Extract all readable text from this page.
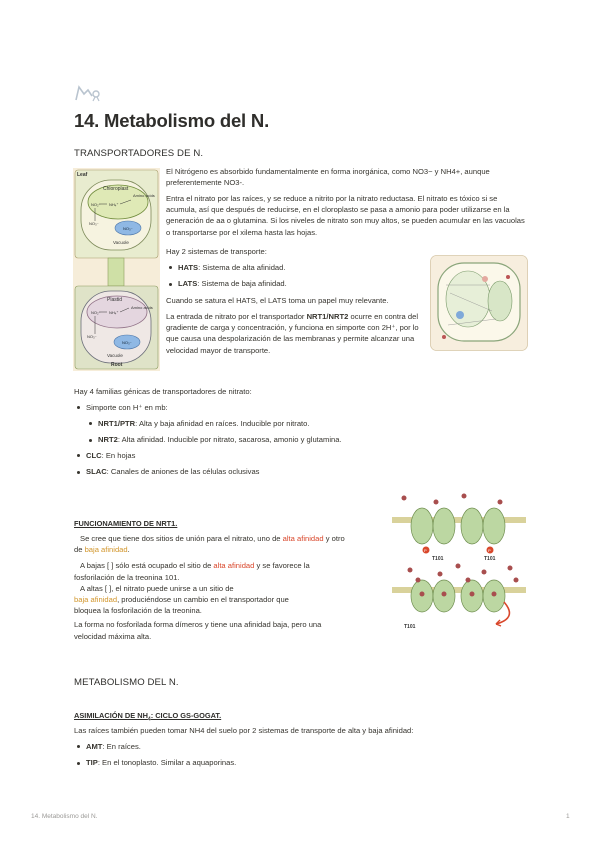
14. Metabolismo del N.
TRANSPORTADORES DE N.
Leaf
Chloroplast
Amino acids
NO₂⁻ NH₄⁺
NO₃⁻
NO₃⁻
Vacuole
Plastid
Amino acids
NO₂⁻ NH₄⁺
NO₃⁻
NO₃⁻
Vacuole
Root

El Nitrógeno es absorbido fundamentalmente en forma inorgánica, como NO3− y NH4+, aunque preferentemente NO3-.

Entra el nitrato por las raíces, y se reduce a nitrito por la nitrato reductasa. El nitrato es tóxico si se acumula, así que después de reducirse, en el cloroplasto se pasa a amonio para poder utilizarse en la generación de aa o glutamina. Si los niveles de nitrato son muy altos, se pueden acumular en las vacuolas o transportarse por el xilema hasta las hojas.

Hay 2 sistemas de transporte:

HATS: Sistema de alta afinidad.
LATS: Sistema de baja afinidad.

Cuando se satura el HATS, el LATS toma un papel muy relevante.

La entrada de nitrato por el transportador NRT1/NRT2 ocurre en contra del gradiente de carga y concentración, y funciona en simporte con 2H⁺, por lo que causa una despolarización de las membranas y permite alcanzar una velocidad mayor de transporte.

Hay 4 familias génicas de transportadores de nitrato:

Simporte con H⁺ en mb:
NRT1/PTR: Alta y baja afinidad en raíces. Inducible por nitrato.
NRT2: Alta afinidad. Inducible por nitrato, sacarosa, amonio y glutamina.
CLC: En hojas
SLAC: Canales de aniones de las células oclusivas
FUNCIONAMIENTO DE NRT1.

Se cree que tiene dos sitios de unión para el nitrato, uno de alta afinidad y otro

de baja afinidad.

A bajas [ ] sólo está ocupado el sitio de alta afinidad y se favorece la

fosforilación de la treonina 101.

A altas [ ], el nitrato puede unirse a un sitio de

baja afinidad, produciéndose un cambio en el transportador que

bloquea la fosforilación de la treonina.

La forma no fosforilada forma dímeros y tiene una afinidad baja, pero una

velocidad máxima alta.

P	P
T101	T101
T101
METABOLISMO DEL N.
ASIMILACIÓN DE $NH_4$: CICLO GS-GOGAT.

Las raíces también pueden tomar NH4 del suelo por 2 sistemas de transporte de alta y baja afinidad:

AMT: En raíces.
TIP: En el tonoplasto. Similar a aquaporinas.
14. Metabolismo del N.	1
